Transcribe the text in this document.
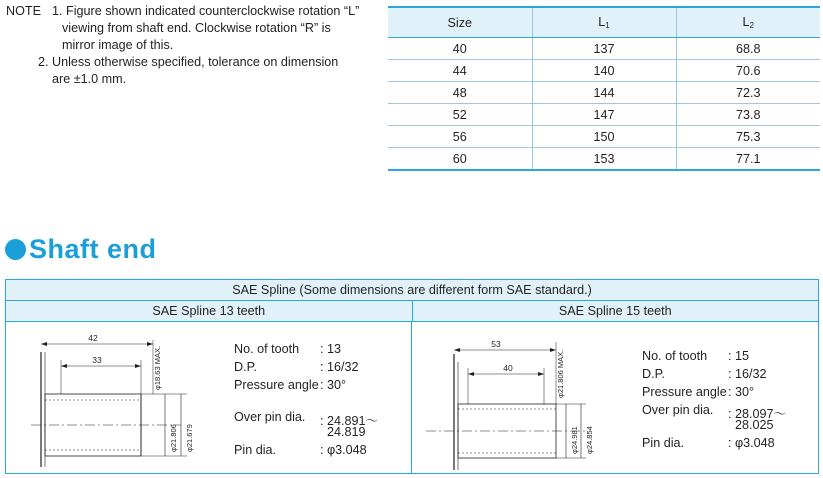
NOTE 1. Figure shown indicated counterclockwise rotation “L”
viewing from shaft end. Clockwise rotation “R” is
mirror image of this.
2. Unless otherwise specified, tolerance on dimension
are ±1.0 mm.
Size	$L_1$	$L_2$
40	137	68.8
44	140	70.6
48	144	72.3
52	147	73.8
56	150	75.3
60	153	77.1
Shaft end
SAE Spline (Some dimensions are different form SAE standard.)
SAE Spline 13 teeth	SAE Spline 15 teeth
42
33	φ18.63 MAX.
φ21.806 φ21.679
No. of tooth : 13
D.P.	: 16/32
Pressure angle : 30°
Over pin dia. : 24.891～
24.819
Pin dia.	: φ3.048
53
40	φ21.806 MAX.
φ24.981 φ24.854
No. of tooth : 15
D.P.	: 16/32
Pressure angle : 30°
Over pin dia. : 28.097～
28.025
Pin dia.	: φ3.048
